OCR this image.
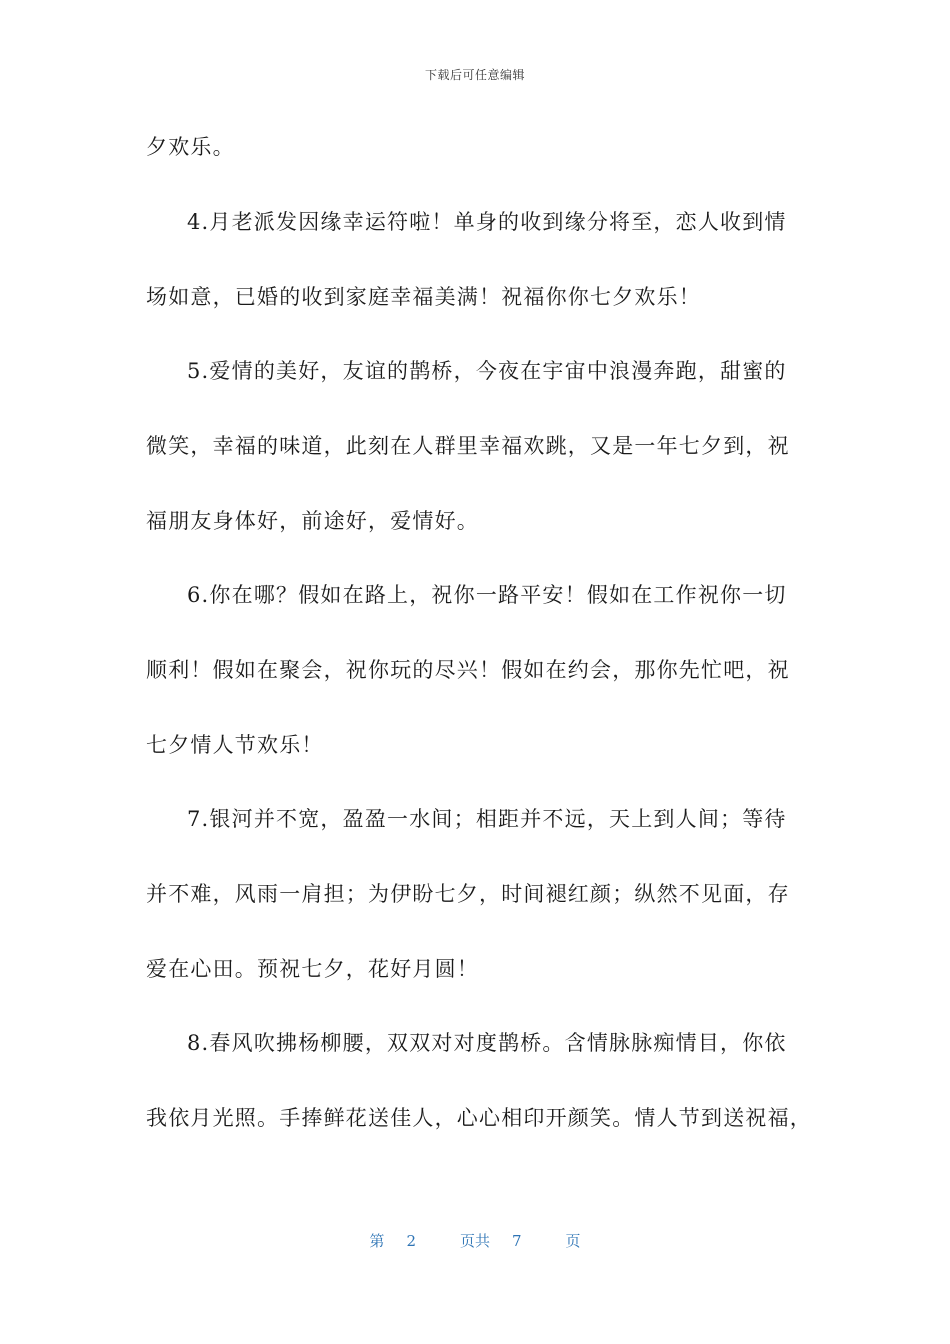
下载后可任意编辑
夕欢乐。
4.月老派发因缘幸运符啦！单身的收到缘分将至，恋人收到情
场如意，已婚的收到家庭幸福美满！祝福你你七夕欢乐！
5.爱情的美好，友谊的鹊桥，今夜在宇宙中浪漫奔跑，甜蜜的
微笑，幸福的味道，此刻在人群里幸福欢跳，又是一年七夕到，祝
福朋友身体好，前途好，爱情好。
6.你在哪？假如在路上，祝你一路平安！假如在工作祝你一切
顺利！假如在聚会，祝你玩的尽兴！假如在约会，那你先忙吧，祝
七夕情人节欢乐！
7.银河并不宽，盈盈一水间；相距并不远，天上到人间；等待
并不难，风雨一肩担；为伊盼七夕，时间褪红颜；纵然不见面，存
爱在心田。预祝七夕，花好月圆！
8.春风吹拂杨柳腰，双双对对度鹊桥。含情脉脉痴情目，你依
我依月光照。手捧鲜花送佳人，心心相印开颜笑。情人节到送祝福，
第 2	页共 7	页
